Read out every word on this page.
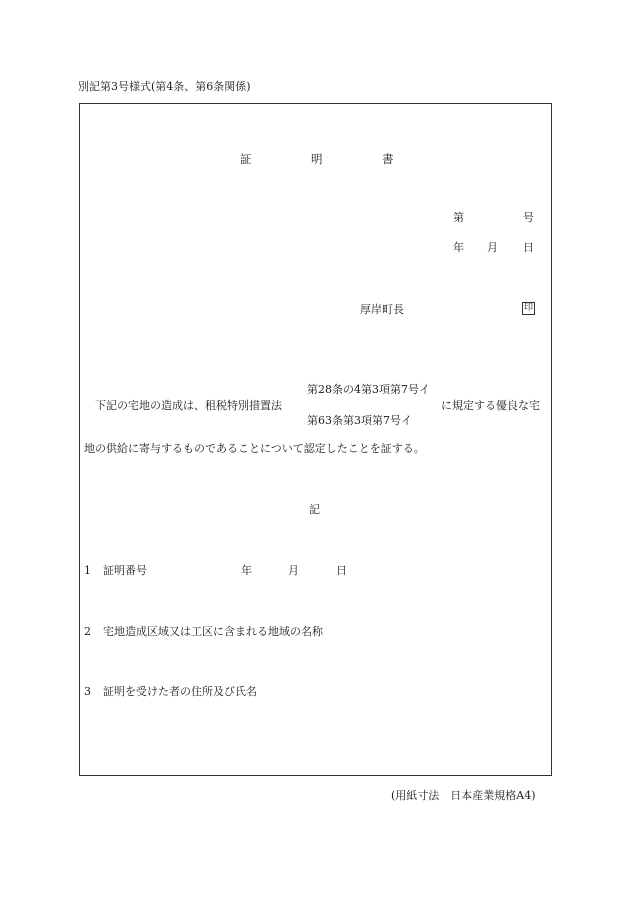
別記第3号様式(第4条、第6条関係)
証	明	書
第	号
年 月 日
厚岸町長	印
下記の宅地の造成は、租税特別措置法
第28条の4第3項第7号イ
第63条第3項第7号イ
に規定する優良な宅
地の供給に寄与するものであることについて認定したことを証する。
記
1 証明番号	年	月	日
2 宅地造成区域又は工区に含まれる地域の名称
3 証明を受けた者の住所及び氏名
(用紙寸法　日本産業規格A4)
